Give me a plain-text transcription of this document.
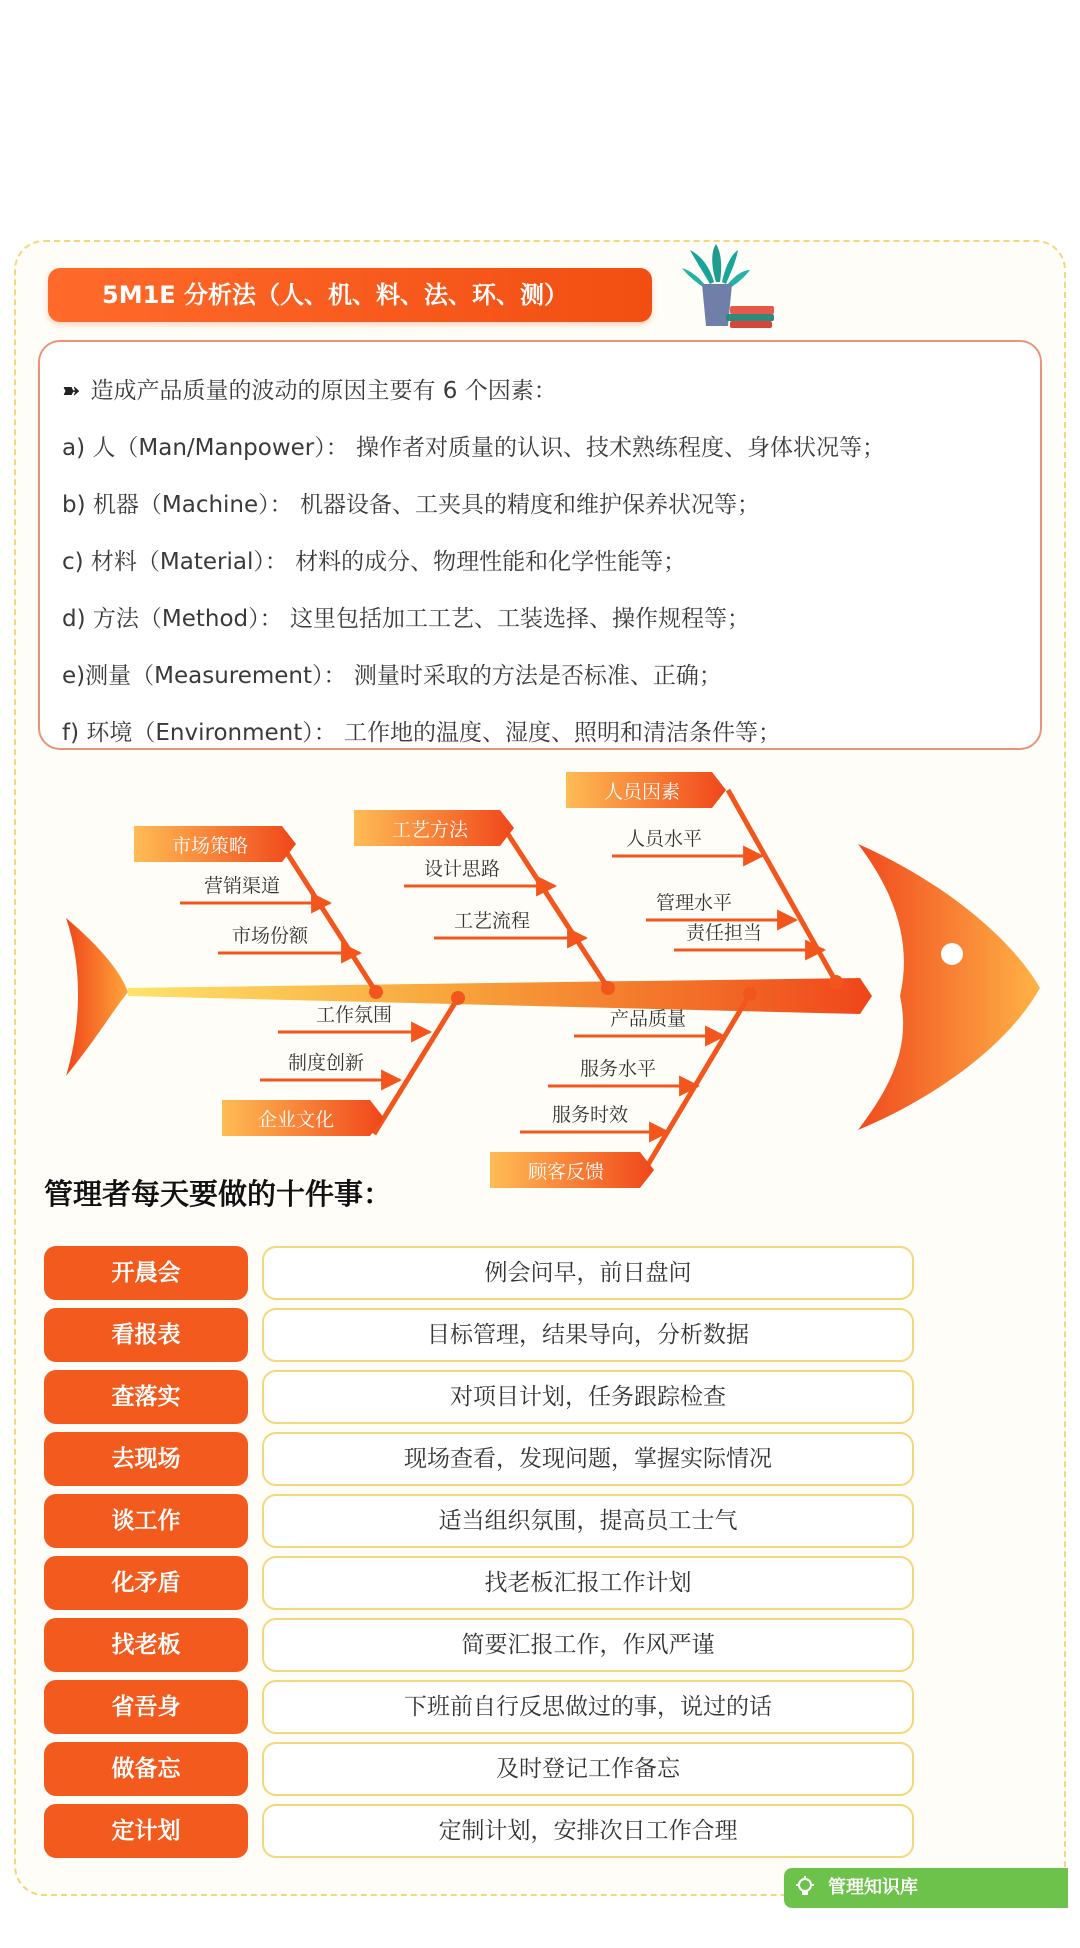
5M1E 分析法（人、机、料、法、环、测）
➽ 造成产品质量的波动的原因主要有 6 个因素：
a) 人（Man/Manpower）： 操作者对质量的认识、技术熟练程度、身体状况等；
b) 机器（Machine）： 机器设备、工夹具的精度和维护保养状况等；
c) 材料（Material）： 材料的成分、物理性能和化学性能等；
d) 方法（Method）： 这里包括加工工艺、工装选择、操作规程等；
e)测量（Measurement）： 测量时采取的方法是否标准、正确；
f) 环境（Environment）： 工作地的温度、湿度、照明和清洁条件等；
市场策略
工艺方法
人员因素
企业文化
顾客反馈
营销渠道
市场份额
设计思路
工艺流程
人员水平
管理水平
责任担当
工作氛围
制度创新
产品质量
服务水平
服务时效
管理者每天要做的十件事：
开晨会	例会问早，前日盘问
看报表	目标管理，结果导向，分析数据
查落实	对项目计划，任务跟踪检查
去现场	现场查看，发现问题，掌握实际情况
谈工作	适当组织氛围，提高员工士气
化矛盾	找老板汇报工作计划
找老板	简要汇报工作，作风严谨
省吾身	下班前自行反思做过的事，说过的话
做备忘	及时登记工作备忘
定计划	定制计划，安排次日工作合理
管理知识库 guanlizhishiku
